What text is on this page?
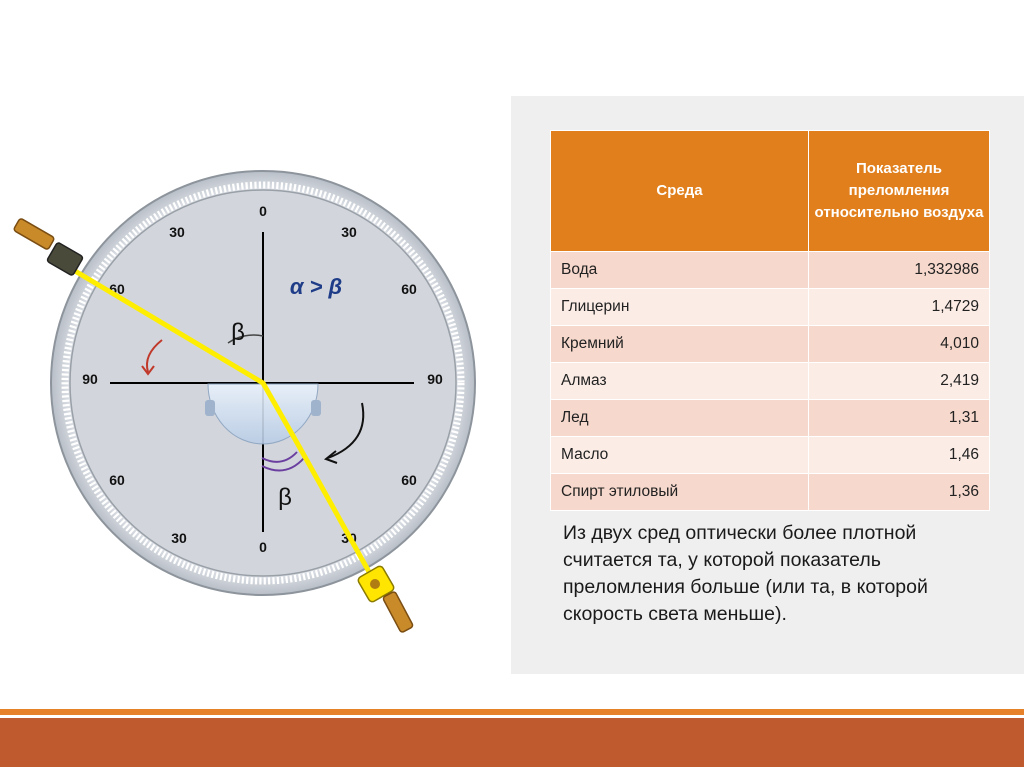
0
0
30	30
60	60
90	90
60	60
30	30
β
β
α > β
Среда	Показатель преломления относительно воздуха
Вода	1,332986
Глицерин	1,4729
Кремний	4,010
Алмаз	2,419
Лед	1,31
Масло	1,46
Спирт этиловый	1,36
Из двух сред оптически более плотной считается та, у которой показатель преломления больше (или та, в которой скорость света меньше).
